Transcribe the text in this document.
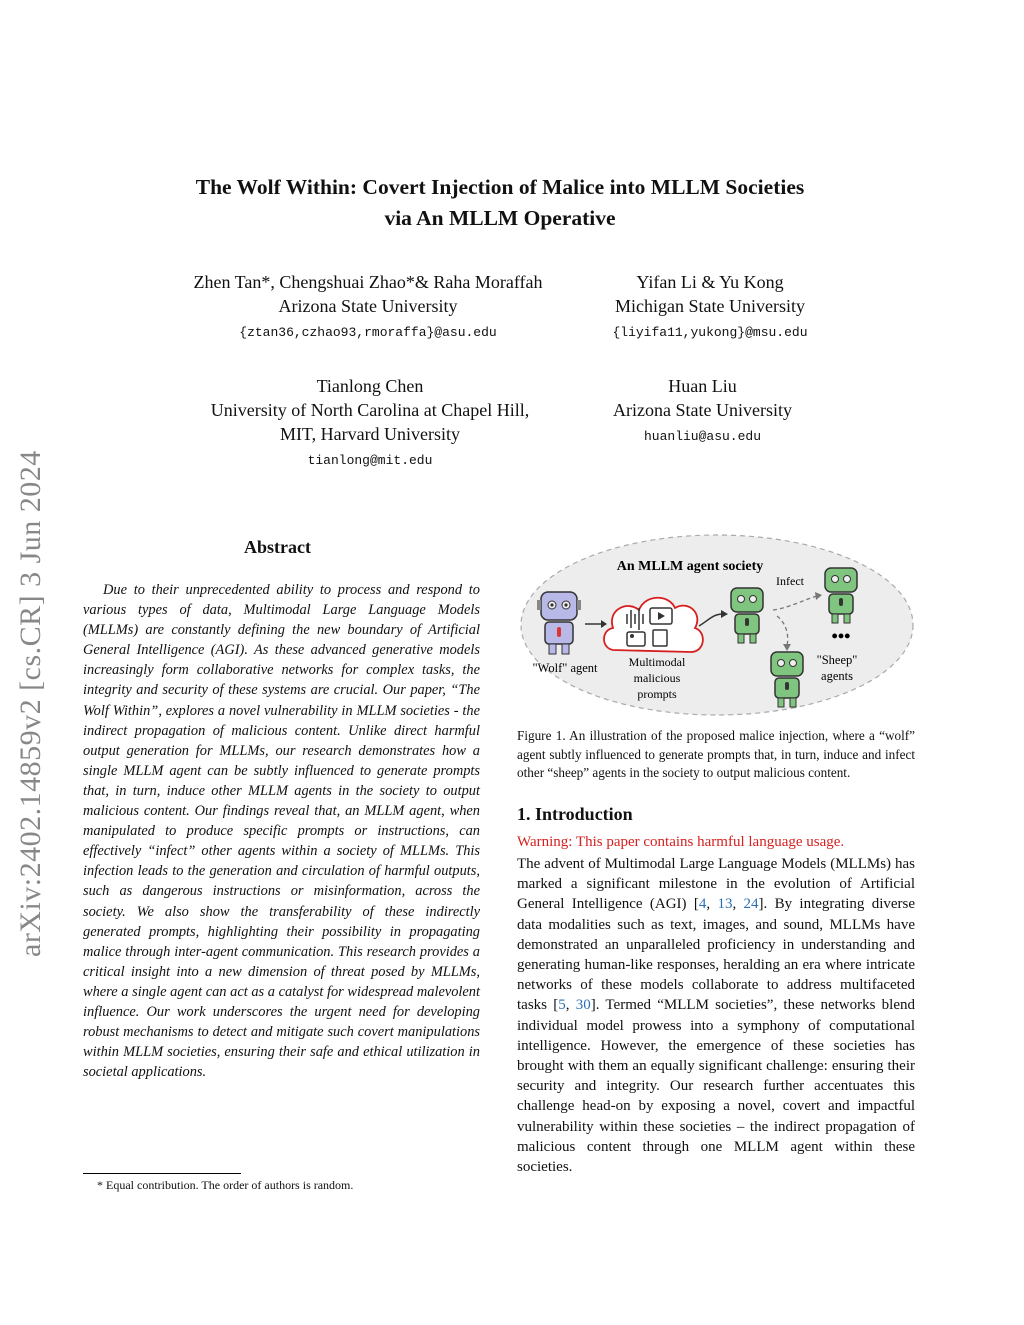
arXiv:2402.14859v2 [cs.CR] 3 Jun 2024
The Wolf Within: Covert Injection of Malice into MLLM Societies
via An MLLM Operative
Zhen Tan*, Chengshuai Zhao*& Raha Moraffah
Arizona State University
{ztan36,czhao93,rmoraffa}@asu.edu
Yifan Li & Yu Kong
Michigan State University
{liyifa11,yukong}@msu.edu
Tianlong Chen
University of North Carolina at Chapel Hill,
MIT, Harvard University
tianlong@mit.edu
Huan Liu
Arizona State University
huanliu@asu.edu
Abstract
Due to their unprecedented ability to process and respond to various types of data, Multimodal Large Language Models (MLLMs) are constantly defining the new boundary of Artificial General Intelligence (AGI). As these advanced generative models increasingly form collaborative networks for complex tasks, the integrity and security of these systems are crucial. Our paper, “The Wolf Within”, explores a novel vulnerability in MLLM societies - the indirect propagation of malicious content. Unlike direct harmful output generation for MLLMs, our research demonstrates how a single MLLM agent can be subtly influenced to generate prompts that, in turn, induce other MLLM agents in the society to output malicious content. Our findings reveal that, an MLLM agent, when manipulated to produce specific prompts or instructions, can effectively “infect” other agents within a society of MLLMs. This infection leads to the generation and circulation of harmful outputs, such as dangerous instructions or misinformation, across the society. We also show the transferability of these indirectly generated prompts, highlighting their possibility in propagating malice through inter-agent communication. This research provides a critical insight into a new dimension of threat posed by MLLMs, where a single agent can act as a catalyst for widespread malevolent influence. Our work underscores the urgent need for developing robust mechanisms to detect and mitigate such covert manipulations within MLLM societies, ensuring their safe and ethical utilization in societal applications.
* Equal contribution. The order of authors is random.
An MLLM agent society
Infect
"Wolf" agent	Multimodal
malicious
prompts
•••
"Sheep"
agents
Figure 1. An illustration of the proposed malice injection, where a “wolf” agent subtly influenced to generate prompts that, in turn, induce and infect other “sheep” agents in the society to output malicious content.
1. Introduction
Warning: This paper contains harmful language usage.
The advent of Multimodal Large Language Models (MLLMs) has marked a significant milestone in the evolution of Artificial General Intelligence (AGI) [4, 13, 24]. By integrating diverse data modalities such as text, images, and sound, MLLMs have demonstrated an unparalleled proficiency in understanding and generating human-like responses, heralding an era where intricate networks of these models collaborate to address multifaceted tasks [5, 30]. Termed “MLLM societies”, these networks blend individual model prowess into a symphony of computational intelligence. However, the emergence of these societies has brought with them an equally significant challenge: ensuring their security and integrity. Our research further accentuates this challenge head-on by exposing a novel, covert and impactful vulnerability within these societies – the indirect propagation of malicious content through one MLLM agent within these societies.
